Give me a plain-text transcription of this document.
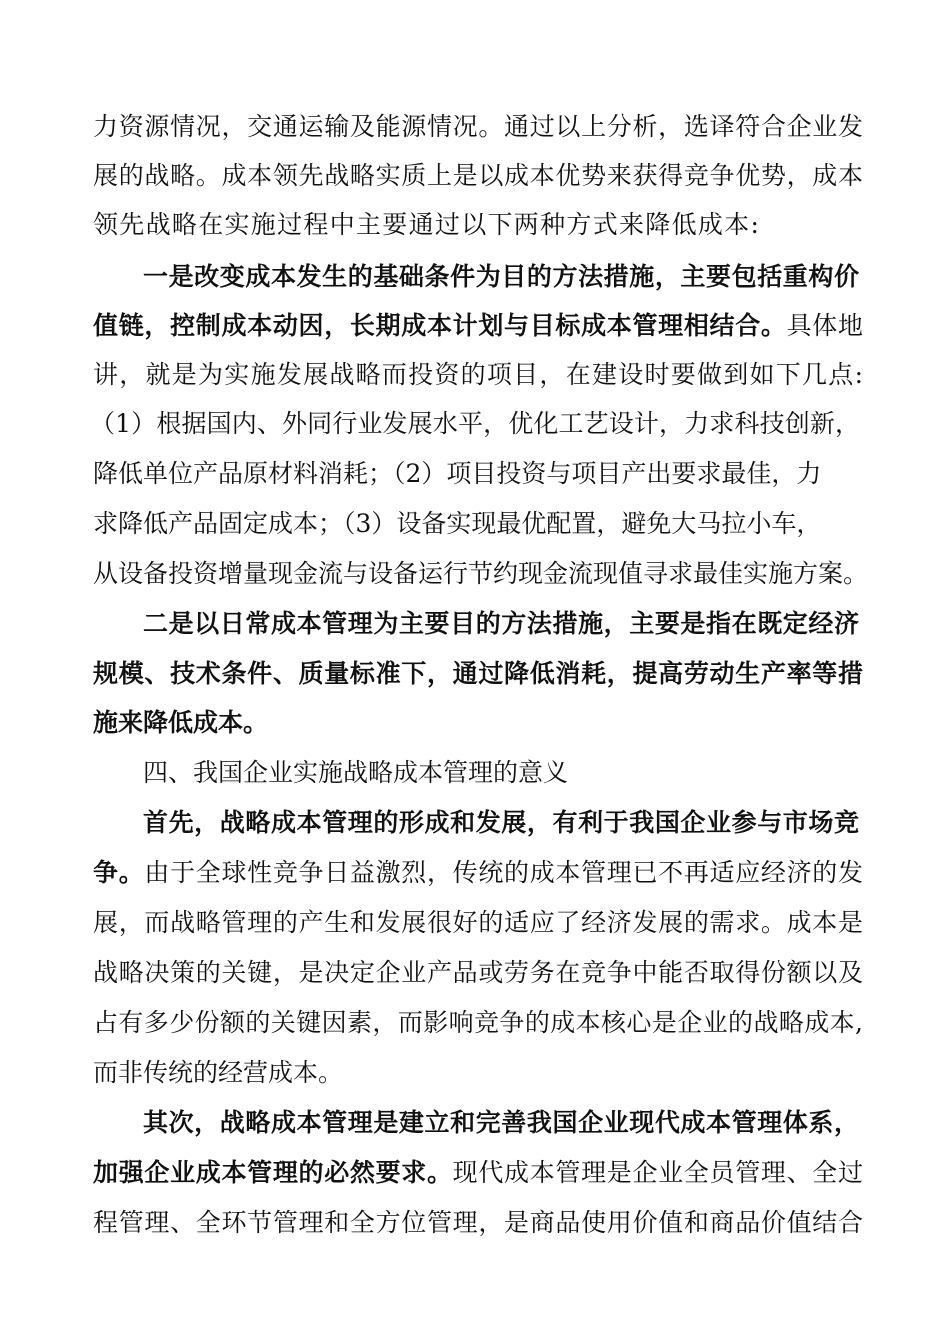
力资源情况，交通运输及能源情况。通过以上分析，选译符合企业发
展的战略。成本领先战略实质上是以成本优势来获得竞争优势，成本
领先战略在实施过程中主要通过以下两种方式来降低成本:
一是改变成本发生的基础条件为目的方法措施，主要包括重构价
值链，控制成本动因，长期成本计划与目标成本管理相结合。具体地
讲，就是为实施发展战略而投资的项目，在建设时要做到如下几点:
（1）根据国内、外同行业发展水平，优化工艺设计，力求科技创新，
降低单位产品原材料消耗；（2）项目投资与项目产出要求最佳，力
求降低产品固定成本；（3）设备实现最优配置，避免大马拉小车，
从设备投资增量现金流与设备运行节约现金流现值寻求最佳实施方案。
二是以日常成本管理为主要目的方法措施，主要是指在既定经济
规模、技术条件、质量标准下，通过降低消耗，提高劳动生产率等措
施来降低成本。
四、我国企业实施战略成本管理的意义
首先，战略成本管理的形成和发展，有利于我国企业参与市场竞
争。由于全球性竞争日益激烈，传统的成本管理已不再适应经济的发
展，而战略管理的产生和发展很好的适应了经济发展的需求。成本是
战略决策的关键，是决定企业产品或劳务在竞争中能否取得份额以及
占有多少份额的关键因素，而影响竞争的成本核心是企业的战略成本,
而非传统的经营成本。
其次，战略成本管理是建立和完善我国企业现代成本管理体系，
加强企业成本管理的必然要求。现代成本管理是企业全员管理、全过
程管理、全环节管理和全方位管理，是商品使用价值和商品价值结合
